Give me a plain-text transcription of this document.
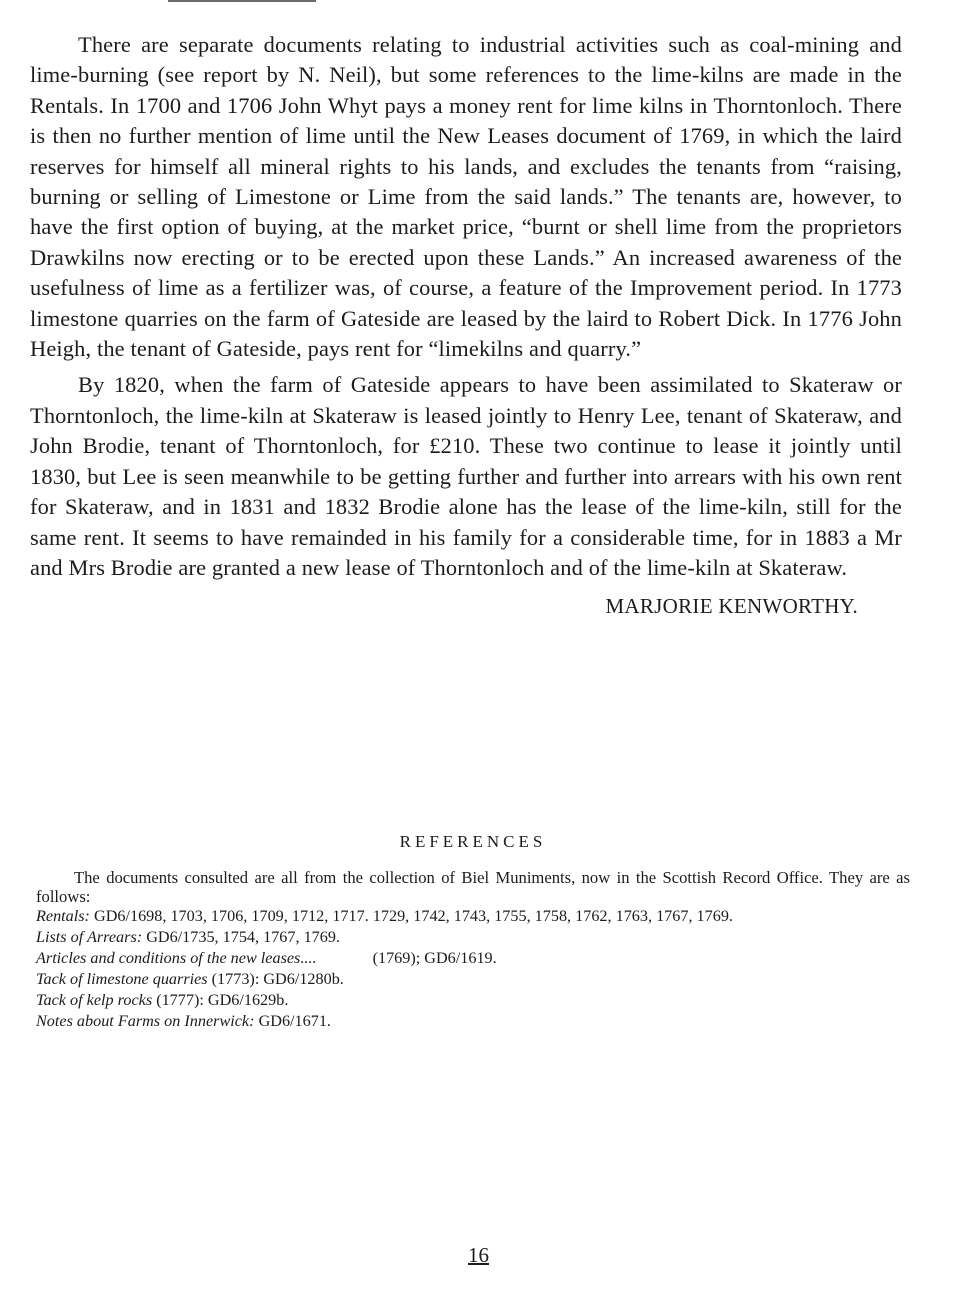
There are separate documents relating to industrial activities such as coal-mining and lime-burning (see report by N. Neil), but some references to the lime-kilns are made in the Rentals. In 1700 and 1706 John Whyt pays a money rent for lime kilns in Thorntonloch. There is then no further mention of lime until the New Leases document of 1769, in which the laird reserves for himself all mineral rights to his lands, and excludes the tenants from “raising, burning or selling of Limestone or Lime from the said lands.” The tenants are, however, to have the first option of buying, at the market price, “burnt or shell lime from the proprietors Drawkilns now erecting or to be erected upon these Lands.” An increased awareness of the usefulness of lime as a fertilizer was, of course, a feature of the Improvement period. In 1773 limestone quarries on the farm of Gateside are leased by the laird to Robert Dick. In 1776 John Heigh, the tenant of Gateside, pays rent for “limekilns and quarry.”

By 1820, when the farm of Gateside appears to have been assimilated to Skateraw or Thorntonloch, the lime-kiln at Skateraw is leased jointly to Henry Lee, tenant of Skateraw, and John Brodie, tenant of Thorntonloch, for £210. These two continue to lease it jointly until 1830, but Lee is seen meanwhile to be getting further and further into arrears with his own rent for Skateraw, and in 1831 and 1832 Brodie alone has the lease of the lime-kiln, still for the same rent. It seems to have remainded in his family for a considerable time, for in 1883 a Mr and Mrs Brodie are granted a new lease of Thorntonloch and of the lime-kiln at Skateraw.

MARJORIE KENWORTHY.

REFERENCES

The documents consulted are all from the collection of Biel Muniments, now in the Scottish Record Office. They are as follows:

Rentals: GD6/1698, 1703, 1706, 1709, 1712, 1717. 1729, 1742, 1743, 1755, 1758, 1762, 1763, 1767, 1769.

Lists of Arrears: GD6/1735, 1754, 1767, 1769.

Articles and conditions of the new leases....	(1769); GD6/1619.

Tack of limestone quarries (1773): GD6/1280b.

Tack of kelp rocks (1777): GD6/1629b.

Notes about Farms on Innerwick: GD6/1671.

16
